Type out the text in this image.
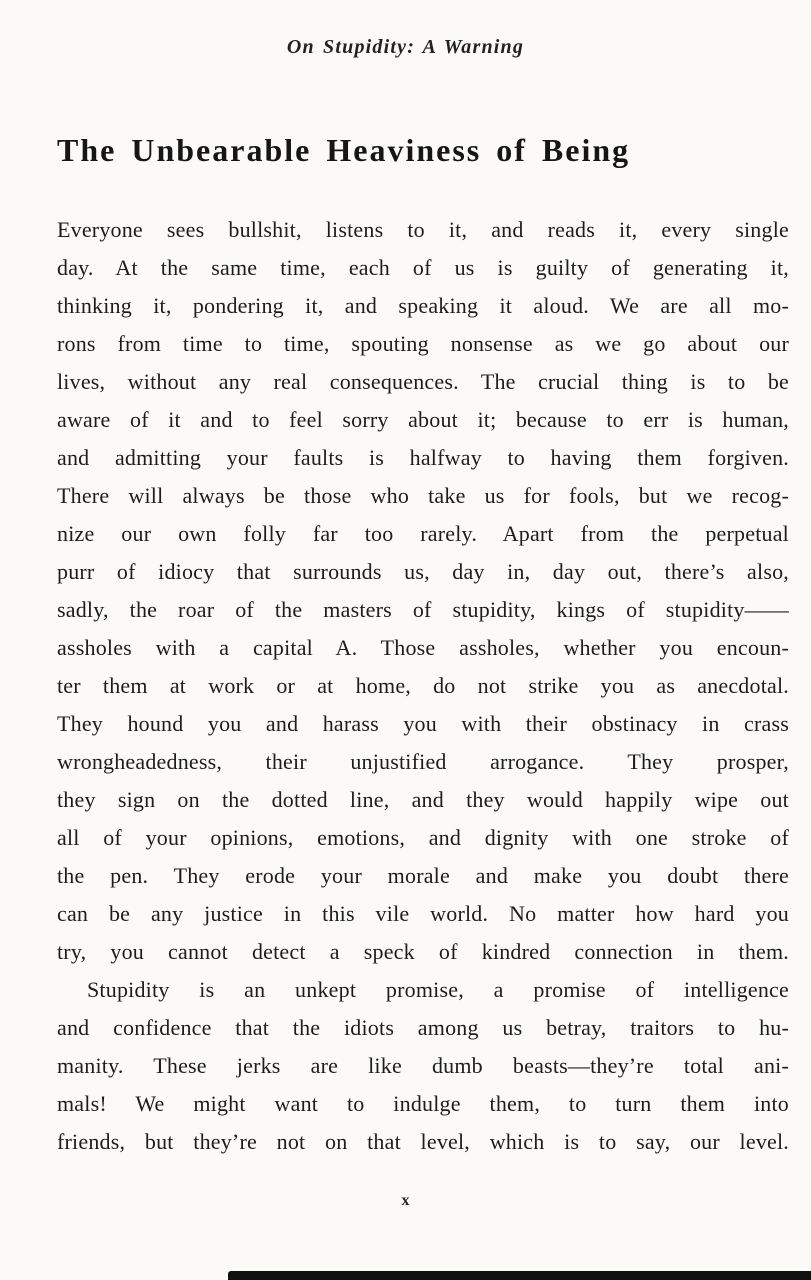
On Stupidity: A Warning
The Unbearable Heaviness of Being
Everyone sees bullshit, listens to it, and reads it, every single
day. At the same time, each of us is guilty of generating it,
thinking it, pondering it, and speaking it aloud. We are all mo-
rons from time to time, spouting nonsense as we go about our
lives, without any real consequences. The crucial thing is to be
aware of it and to feel sorry about it; because to err is human,
and admitting your faults is halfway to having them forgiven.
There will always be those who take us for fools, but we recog-
nize our own folly far too rarely. Apart from the perpetual
purr of idiocy that surrounds us, day in, day out, there’s also,
sadly, the roar of the masters of stupidity, kings of stupidity——
assholes with a capital A. Those assholes, whether you encoun-
ter them at work or at home, do not strike you as anecdotal.
They hound you and harass you with their obstinacy in crass
wrongheadedness, their unjustified arrogance. They prosper,
they sign on the dotted line, and they would happily wipe out
all of your opinions, emotions, and dignity with one stroke of
the pen. They erode your morale and make you doubt there
can be any justice in this vile world. No matter how hard you
try, you cannot detect a speck of kindred connection in them.
Stupidity is an unkept promise, a promise of intelligence
and confidence that the idiots among us betray, traitors to hu-
manity. These jerks are like dumb beasts—they’re total ani-
mals! We might want to indulge them, to turn them into
friends, but they’re not on that level, which is to say, our level.
x
